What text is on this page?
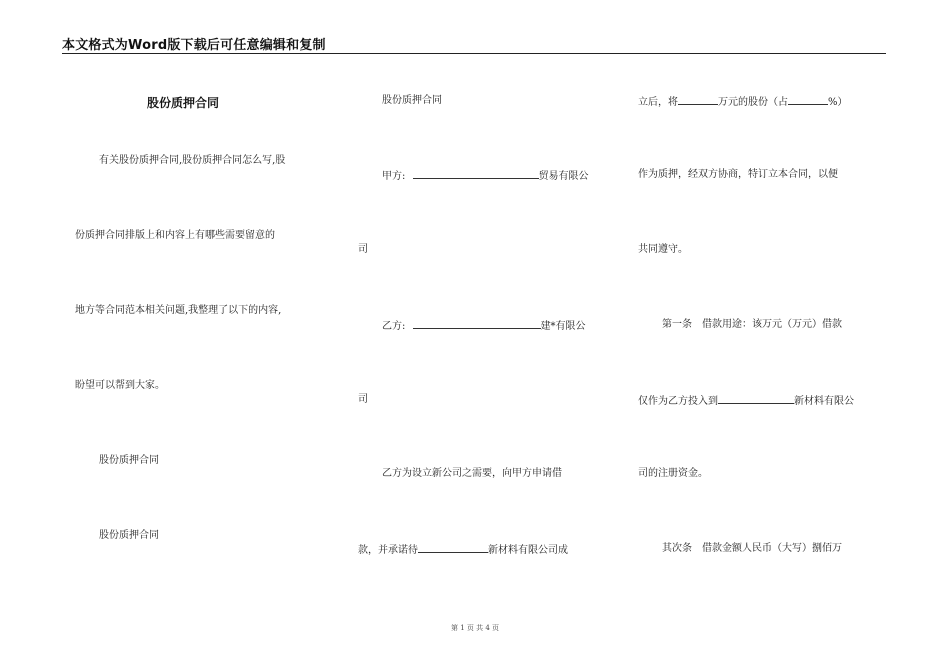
本文格式为Word版下载后可任意编辑和复制
股份质押合同
有关股份质押合同,股份质押合同怎么写,股
份质押合同排版上和内容上有哪些需要留意的
地方等合同范本相关问题,我整理了以下的内容,
盼望可以帮到大家。
股份质押合同
股份质押合同
股份质押合同
甲方:	贸易有限公
司
乙方:	建*有限公
司
乙方为设立新公司之需要，向甲方申请借
款，并承诺待	新材料有限公司成
立后，将	万元的股份（占	%）
作为质押，经双方协商，特订立本合同，以便
共同遵守。
第一条　借款用途：该万元（万元）借款
仅作为乙方投入到	新材料有限公
司的注册资金。
其次条　借款金额人民币（大写）捌佰万
第 1 页 共 4 页
